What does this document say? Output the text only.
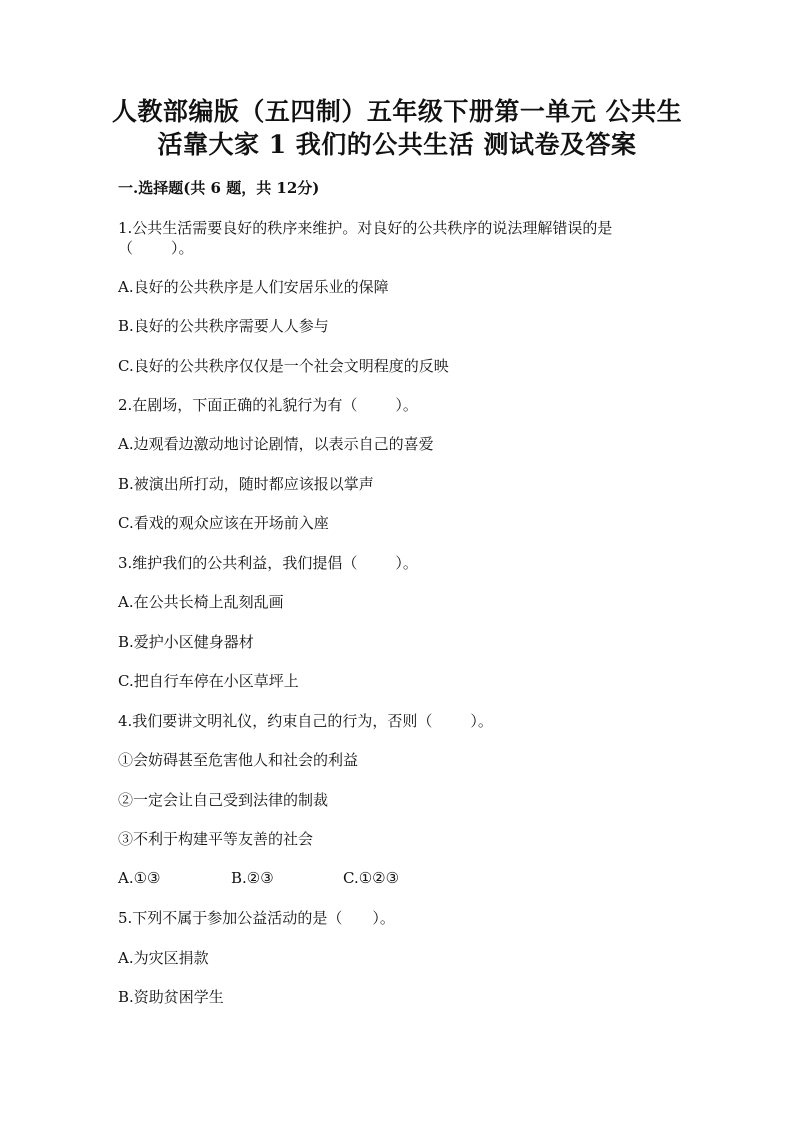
人教部编版（五四制）五年级下册第一单元 公共生
活靠大家 1 我们的公共生活 测试卷及答案
一.选择题(共 6 题，共 12分)
1.公共生活需要良好的秩序来维护。对良好的公共秩序的说法理解错误的是
（	）。
A.良好的公共秩序是人们安居乐业的保障
B.良好的公共秩序需要人人参与
C.良好的公共秩序仅仅是一个社会文明程度的反映
2.在剧场，下面正确的礼貌行为有（	）。
A.边观看边激动地讨论剧情，以表示自己的喜爱
B.被演出所打动，随时都应该报以掌声
C.看戏的观众应该在开场前入座
3.维护我们的公共利益，我们提倡（	）。
A.在公共长椅上乱刻乱画
B.爱护小区健身器材
C.把自行车停在小区草坪上
4.我们要讲文明礼仪，约束自己的行为，否则（	）。
①会妨碍甚至危害他人和社会的利益
②一定会让自己受到法律的制裁
③不利于构建平等友善的社会
A.①③	B.②③	C.①②③
5.下列不属于参加公益活动的是（ ）。
A.为灾区捐款
B.资助贫困学生
